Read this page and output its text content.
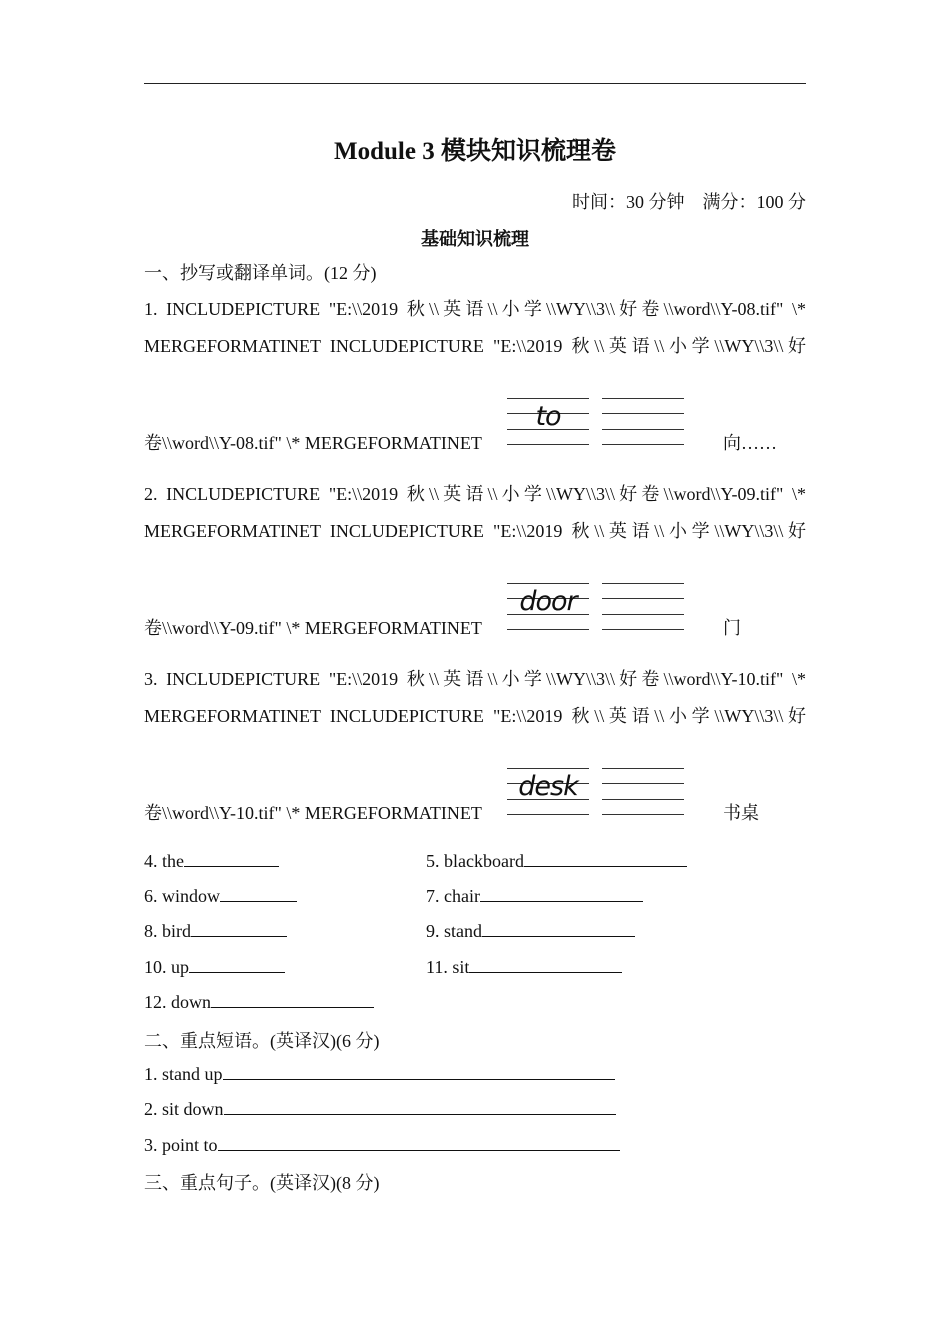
Module 3 模块知识梳理卷
时间：30 分钟　满分：100 分
基础知识梳理
一、抄写或翻译单词。(12 分)
1. INCLUDEPICTURE "E:\\2019 秋\\英语\\小学\\WY\\3\\好卷\\word\\Y-08.tif" \*
MERGEFORMATINET INCLUDEPICTURE "E:\\2019 秋\\英语\\小学\\WY\\3\\好
卷\\word\\Y-08.tif" \* MERGEFORMATINET
to
向……
2. INCLUDEPICTURE "E:\\2019 秋\\英语\\小学\\WY\\3\\好卷\\word\\Y-09.tif" \*
MERGEFORMATINET INCLUDEPICTURE "E:\\2019 秋\\英语\\小学\\WY\\3\\好
卷\\word\\Y-09.tif" \* MERGEFORMATINET
door
门
3. INCLUDEPICTURE "E:\\2019 秋\\英语\\小学\\WY\\3\\好卷\\word\\Y-10.tif" \*
MERGEFORMATINET INCLUDEPICTURE "E:\\2019 秋\\英语\\小学\\WY\\3\\好
卷\\word\\Y-10.tif" \* MERGEFORMATINET
desk
书桌
4. the	5. blackboard
6. window	7. chair
8. bird	9. stand
10. up	11. sit
12. down
二、重点短语。(英译汉)(6 分)
1. stand up
2. sit down
3. point to
三、重点句子。(英译汉)(8 分)
